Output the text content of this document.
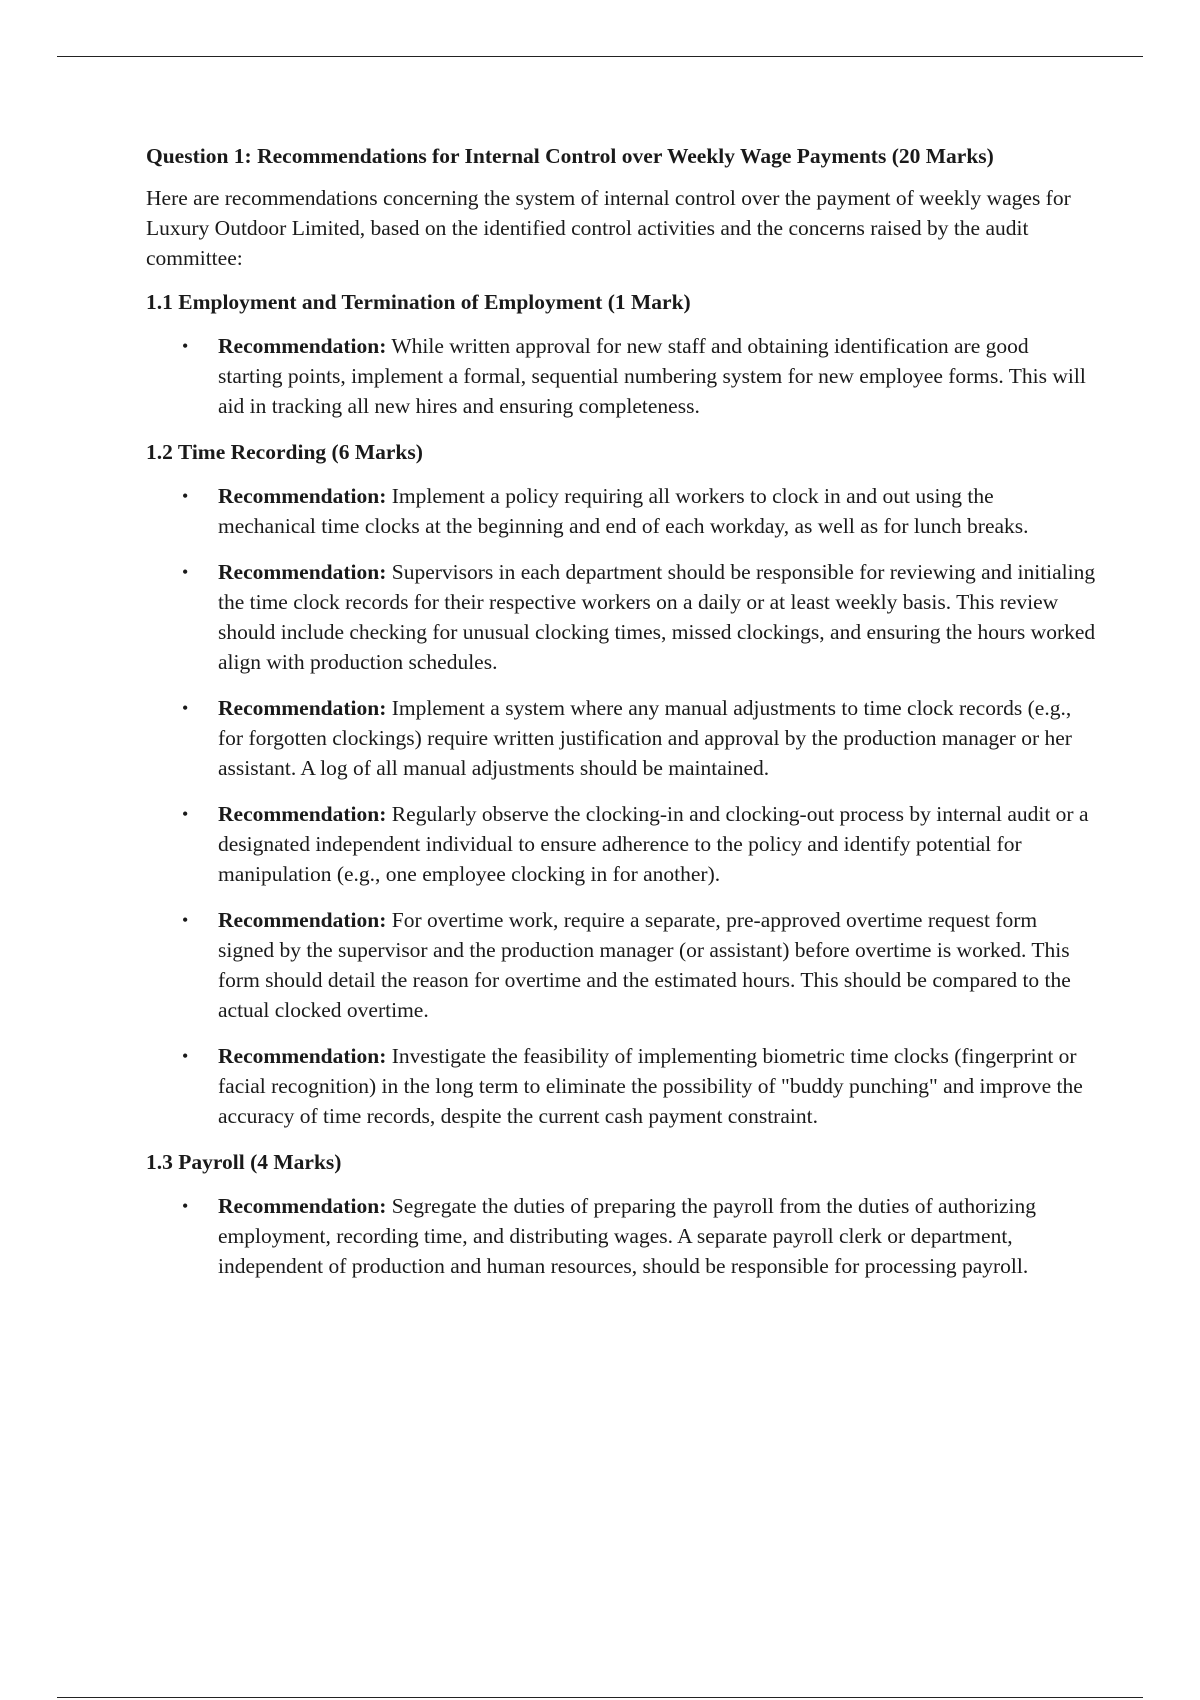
Question 1: Recommendations for Internal Control over Weekly Wage Payments (20 Marks)

Here are recommendations concerning the system of internal control over the payment of weekly wages for Luxury Outdoor Limited, based on the identified control activities and the concerns raised by the audit committee:

1.1 Employment and Termination of Employment (1 Mark)
• Recommendation: While written approval for new staff and obtaining identification are good starting points, implement a formal, sequential numbering system for new employee forms. This will aid in tracking all new hires and ensuring completeness.
1.2 Time Recording (6 Marks)
• Recommendation: Implement a policy requiring all workers to clock in and out using the mechanical time clocks at the beginning and end of each workday, as well as for lunch breaks.
• Recommendation: Supervisors in each department should be responsible for reviewing and initialing the time clock records for their respective workers on a daily or at least weekly basis. This review should include checking for unusual clocking times, missed clockings, and ensuring the hours worked align with production schedules.
• Recommendation: Implement a system where any manual adjustments to time clock records (e.g., for forgotten clockings) require written justification and approval by the production manager or her assistant. A log of all manual adjustments should be maintained.
• Recommendation: Regularly observe the clocking-in and clocking-out process by internal audit or a designated independent individual to ensure adherence to the policy and identify potential for manipulation (e.g., one employee clocking in for another).
• Recommendation: For overtime work, require a separate, pre-approved overtime request form signed by the supervisor and the production manager (or assistant) before overtime is worked. This form should detail the reason for overtime and the estimated hours. This should be compared to the actual clocked overtime.
• Recommendation: Investigate the feasibility of implementing biometric time clocks (fingerprint or facial recognition) in the long term to eliminate the possibility of "buddy punching" and improve the accuracy of time records, despite the current cash payment constraint.
1.3 Payroll (4 Marks)
• Recommendation: Segregate the duties of preparing the payroll from the duties of authorizing employment, recording time, and distributing wages. A separate payroll clerk or department, independent of production and human resources, should be responsible for processing payroll.
